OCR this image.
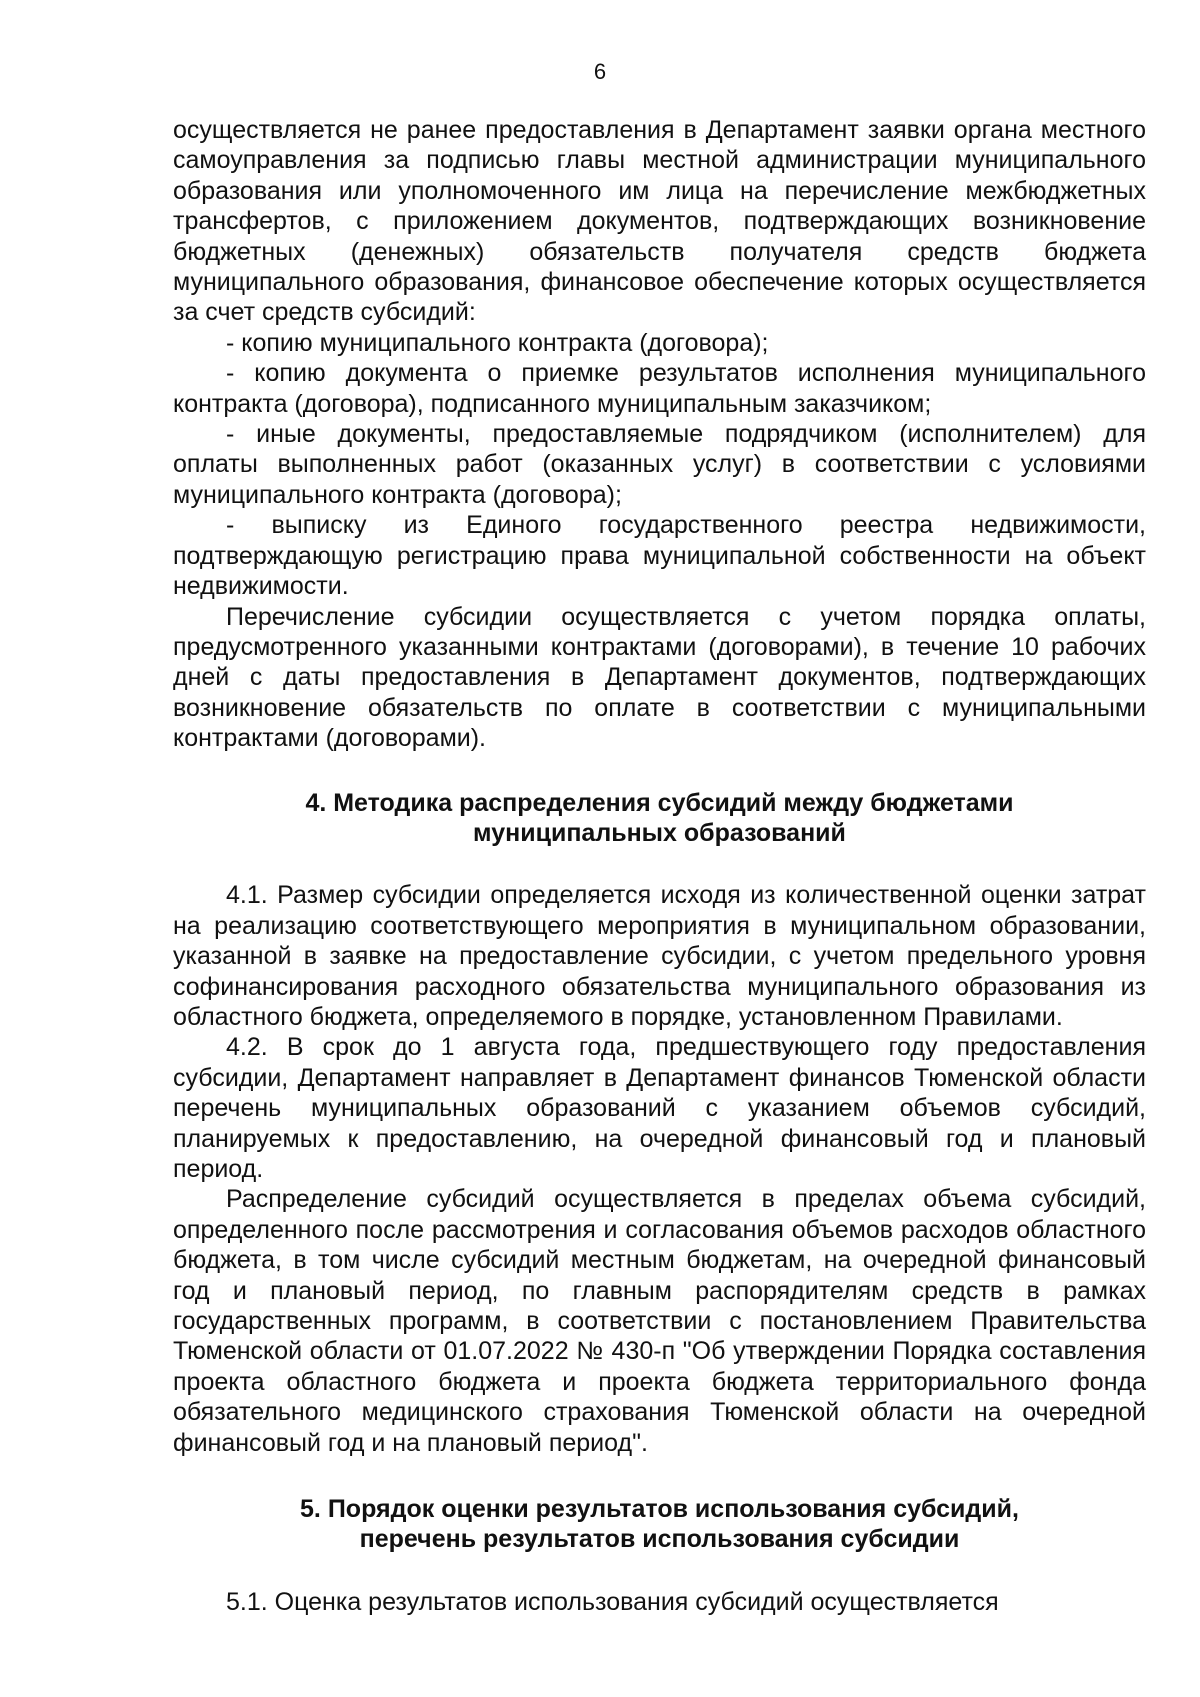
6

осуществляется не ранее предоставления в Департамент заявки органа местного самоуправления за подписью главы местной администрации муниципального образования или уполномоченного им лица на перечисление межбюджетных трансфертов, с приложением документов, подтверждающих возникновение бюджетных (денежных) обязательств получателя средств бюджета муниципального образования, финансовое обеспечение которых осуществляется за счет средств субсидий:

- копию муниципального контракта (договора);

- копию документа о приемке результатов исполнения муниципального контракта (договора), подписанного муниципальным заказчиком;

- иные документы, предоставляемые подрядчиком (исполнителем) для оплаты выполненных работ (оказанных услуг) в соответствии с условиями муниципального контракта (договора);

- выписку из Единого государственного реестра недвижимости, подтверждающую регистрацию права муниципальной собственности на объект недвижимости.

Перечисление субсидии осуществляется с учетом порядка оплаты, предусмотренного указанными контрактами (договорами), в течение 10 рабочих дней с даты предоставления в Департамент документов, подтверждающих возникновение обязательств по оплате в соответствии с муниципальными контрактами (договорами).

4. Методика распределения субсидий между бюджетами
муниципальных образований

4.1. Размер субсидии определяется исходя из количественной оценки затрат на реализацию соответствующего мероприятия в муниципальном образовании, указанной в заявке на предоставление субсидии, с учетом предельного уровня софинансирования расходного обязательства муниципального образования из областного бюджета, определяемого в порядке, установленном Правилами.

4.2. В срок до 1 августа года, предшествующего году предоставления субсидии, Департамент направляет в Департамент финансов Тюменской области перечень муниципальных образований с указанием объемов субсидий, планируемых к предоставлению, на очередной финансовый год и плановый период.

Распределение субсидий осуществляется в пределах объема субсидий, определенного после рассмотрения и согласования объемов расходов областного бюджета, в том числе субсидий местным бюджетам, на очередной финансовый год и плановый период, по главным распорядителям средств в рамках государственных программ, в соответствии с постановлением Правительства Тюменской области от 01.07.2022 № 430-п "Об утверждении Порядка составления проекта областного бюджета и проекта бюджета территориального фонда обязательного медицинского страхования Тюменской области на очередной финансовый год и на плановый период".

5. Порядок оценки результатов использования субсидий,
перечень результатов использования субсидии

5.1. Оценка результатов использования субсидий осуществляется
